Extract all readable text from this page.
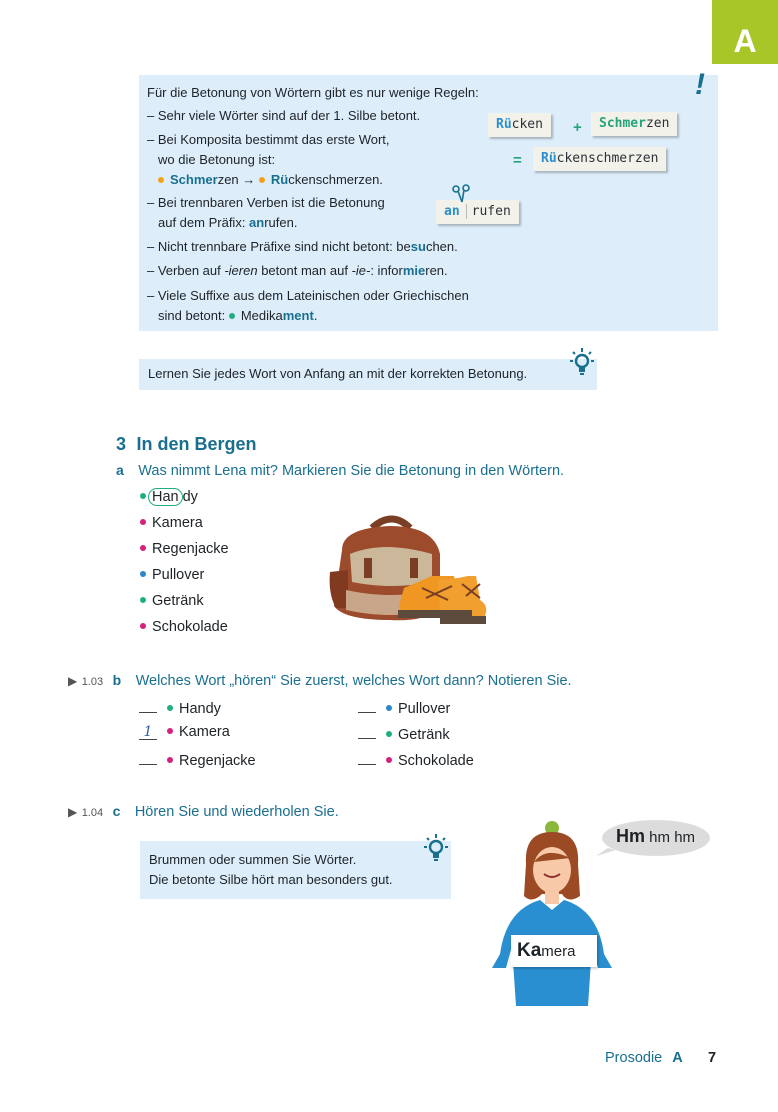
A
!
Für die Betonung von Wörtern gibt es nur wenige Regeln:
– Sehr viele Wörter sind auf der 1. Silbe betont.
– Bei Komposita bestimmt das erste Wort,
wo die Betonung ist:
Schmerzen → Rückenschmerzen.
– Bei trennbaren Verben ist die Betonung
auf dem Präfix: anrufen.
– Nicht trennbare Präfixe sind nicht betont: besuchen.
– Verben auf -ieren betont man auf -ie-: informieren.
– Viele Suffixe aus dem Lateinischen oder Griechischen
sind betont: Medikament.
Rücken	+	Schmerzen
=	Rückenschmerzen
an rufen
Lernen Sie jedes Wort von Anfang an mit der korrekten Betonung.
3 In den Bergen
a Was nimmt Lena mit? Markieren Sie die Betonung in den Wörtern.
Han dy
Kamera
Regenjacke
Pullover
Getränk
Schokolade
▶ 1.03 b Welches Wort „hören“ Sie zuerst, welches Wort dann? Notieren Sie.
Handy
1 Kamera
Regenjacke
Pullover
Getränk
Schokolade
▶ 1.04 c Hören Sie und wiederholen Sie.
Brummen oder summen Sie Wörter.
Die betonte Silbe hört man besonders gut.
Hm hm hm
Kamera
Prosodie A 7
